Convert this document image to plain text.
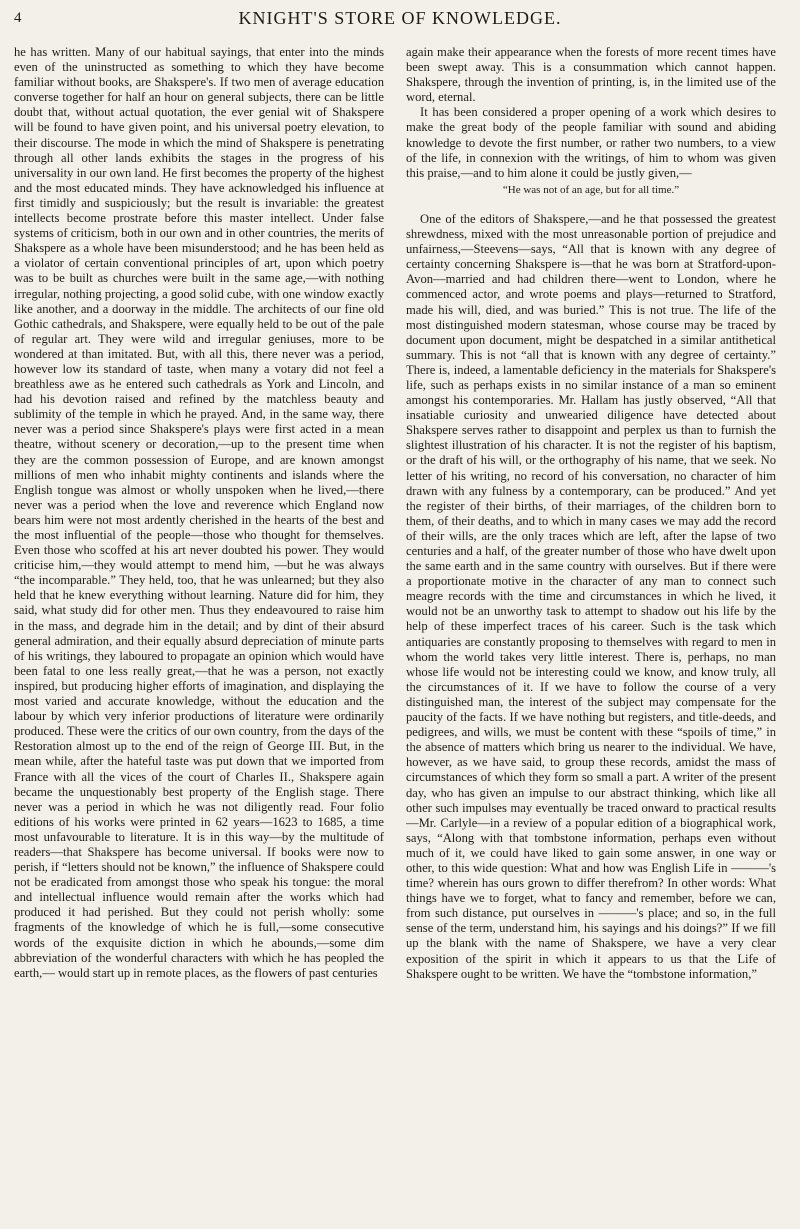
4	KNIGHT'S STORE OF KNOWLEDGE.

he has written. Many of our habitual sayings, that enter into the minds even of the uninstructed as something to which they have become familiar without books, are Shakspere's. If two men of average education converse together for half an hour on general subjects, there can be little doubt that, without actual quotation, the ever genial wit of Shakspere will be found to have given point, and his universal poetry elevation, to their discourse. The mode in which the mind of Shakspere is penetrating through all other lands exhibits the stages in the progress of his universality in our own land. He first becomes the property of the highest and the most educated minds. They have acknowledged his influence at first timidly and suspiciously; but the result is invariable: the greatest intellects become prostrate before this master intellect. Under false systems of criticism, both in our own and in other countries, the merits of Shakspere as a whole have been misunderstood; and he has been held as a violator of certain conventional principles of art, upon which poetry was to be built as churches were built in the same age,—with nothing irregular, nothing projecting, a good solid cube, with one window exactly like another, and a doorway in the middle. The architects of our fine old Gothic cathedrals, and Shakspere, were equally held to be out of the pale of regular art. They were wild and irregular geniuses, more to be wondered at than imitated. But, with all this, there never was a period, however low its standard of taste, when many a votary did not feel a breathless awe as he entered such cathedrals as York and Lincoln, and had his devotion raised and refined by the matchless beauty and sublimity of the temple in which he prayed. And, in the same way, there never was a period since Shakspere's plays were first acted in a mean theatre, without scenery or decoration,—up to the present time when they are the common possession of Europe, and are known amongst millions of men who inhabit mighty continents and islands where the English tongue was almost or wholly unspoken when he lived,—there never was a period when the love and reverence which England now bears him were not most ardently cherished in the hearts of the best and the most influential of the people—those who thought for themselves. Even those who scoffed at his art never doubted his power. They would criticise him,—they would attempt to mend him, —but he was always “the incomparable.” They held, too, that he was unlearned; but they also held that he knew everything without learning. Nature did for him, they said, what study did for other men. Thus they endeavoured to raise him in the mass, and degrade him in the detail; and by dint of their absurd general admiration, and their equally absurd depreciation of minute parts of his writings, they laboured to propagate an opinion which would have been fatal to one less really great,—that he was a person, not exactly inspired, but producing higher efforts of imagination, and displaying the most varied and accurate knowledge, without the education and the labour by which very inferior productions of literature were ordinarily produced. These were the critics of our own country, from the days of the Restoration almost up to the end of the reign of George III. But, in the mean while, after the hateful taste was put down that we imported from France with all the vices of the court of Charles II., Shakspere again became the unquestionably best property of the English stage. There never was a period in which he was not diligently read. Four folio editions of his works were printed in 62 years—1623 to 1685, a time most unfavourable to literature. It is in this way—by the multitude of readers—that Shakspere has become universal. If books were now to perish, if “letters should not be known,” the influence of Shakspere could not be eradicated from amongst those who speak his tongue: the moral and intellectual influence would remain after the works which had produced it had perished. But they could not perish wholly: some fragments of the knowledge of which he is full,—some consecutive words of the exquisite diction in which he abounds,—some dim abbreviation of the wonderful characters with which he has peopled the earth,— would start up in remote places, as the flowers of past centuries

again make their appearance when the forests of more recent times have been swept away. This is a consummation which cannot happen. Shakspere, through the invention of printing, is, in the limited use of the word, eternal.

It has been considered a proper opening of a work which desires to make the great body of the people familiar with sound and abiding knowledge to devote the first number, or rather two numbers, to a view of the life, in connexion with the writings, of him to whom was given this praise,—and to him alone it could be justly given,—

“He was not of an age, but for all time.”

One of the editors of Shakspere,—and he that possessed the greatest shrewdness, mixed with the most unreasonable portion of prejudice and unfairness,—Steevens—says, “All that is known with any degree of certainty concerning Shakspere is—that he was born at Stratford-upon-Avon—married and had children there—went to London, where he commenced actor, and wrote poems and plays—returned to Stratford, made his will, died, and was buried.” This is not true. The life of the most distinguished modern statesman, whose course may be traced by document upon document, might be despatched in a similar antithetical summary. This is not “all that is known with any degree of certainty.” There is, indeed, a lamentable deficiency in the materials for Shakspere's life, such as perhaps exists in no similar instance of a man so eminent amongst his contemporaries. Mr. Hallam has justly observed, “All that insatiable curiosity and unwearied diligence have detected about Shakspere serves rather to disappoint and perplex us than to furnish the slightest illustration of his character. It is not the register of his baptism, or the draft of his will, or the orthography of his name, that we seek. No letter of his writing, no record of his conversation, no character of him drawn with any fulness by a contemporary, can be produced.” And yet the register of their births, of their marriages, of the children born to them, of their deaths, and to which in many cases we may add the record of their wills, are the only traces which are left, after the lapse of two centuries and a half, of the greater number of those who have dwelt upon the same earth and in the same country with ourselves. But if there were a proportionate motive in the character of any man to connect such meagre records with the time and circumstances in which he lived, it would not be an unworthy task to attempt to shadow out his life by the help of these imperfect traces of his career. Such is the task which antiquaries are constantly proposing to themselves with regard to men in whom the world takes very little interest. There is, perhaps, no man whose life would not be interesting could we know, and know truly, all the circumstances of it. If we have to follow the course of a very distinguished man, the interest of the subject may compensate for the paucity of the facts. If we have nothing but registers, and title-deeds, and pedigrees, and wills, we must be content with these “spoils of time,” in the absence of matters which bring us nearer to the individual. We have, however, as we have said, to group these records, amidst the mass of circumstances of which they form so small a part. A writer of the present day, who has given an impulse to our abstract thinking, which like all other such impulses may eventually be traced onward to practical results—Mr. Carlyle—in a review of a popular edition of a biographical work, says, “Along with that tombstone information, perhaps even without much of it, we could have liked to gain some answer, in one way or other, to this wide question: What and how was English Life in ———'s time? wherein has ours grown to differ therefrom? In other words: What things have we to forget, what to fancy and remember, before we can, from such distance, put ourselves in ———'s place; and so, in the full sense of the term, understand him, his sayings and his doings?” If we fill up the blank with the name of Shakspere, we have a very clear exposition of the spirit in which it appears to us that the Life of Shakspere ought to be written. We have the “tombstone information,”
